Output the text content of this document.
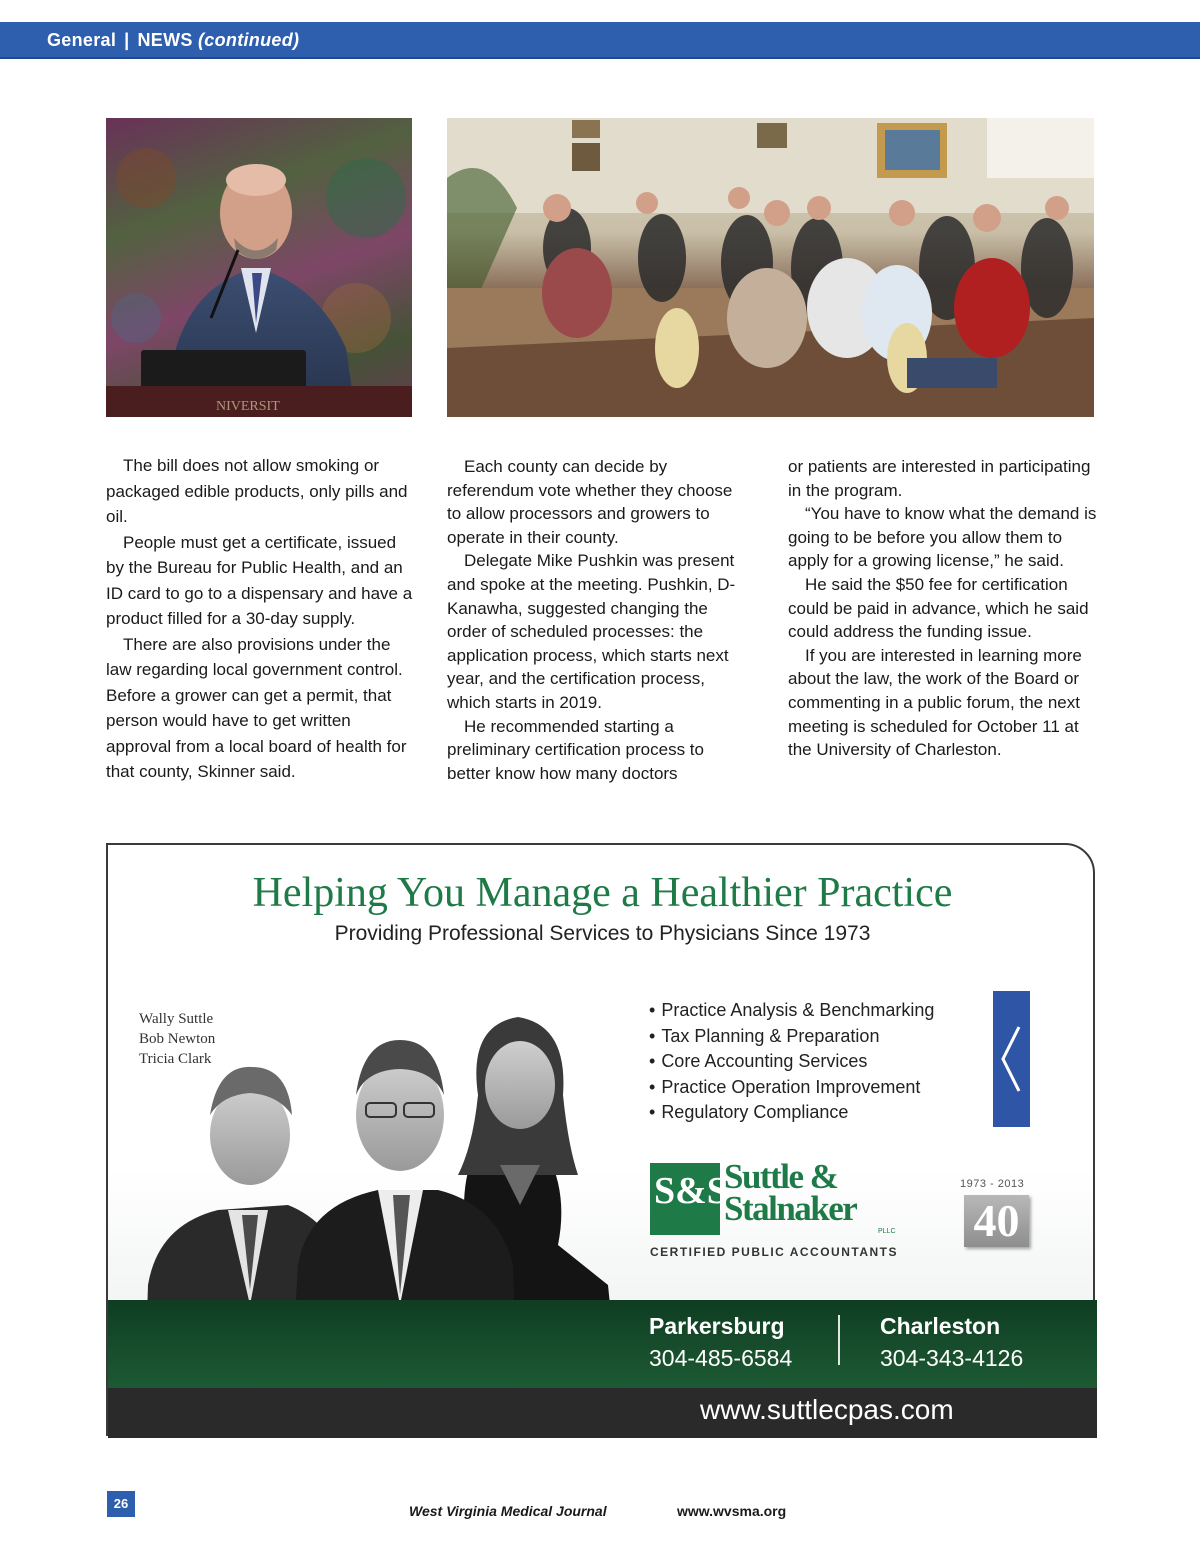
General | NEWS (continued)
NIVERSIT

The bill does not allow smoking or packaged edible products, only pills and oil.

People must get a certificate, issued by the Bureau for Public Health, and an ID card to go to a dispensary and have a product filled for a 30-day supply.

There are also provisions under the law regarding local government control. Before a grower can get a permit, that person would have to get written approval from a local board of health for that county, Skinner said.

Each county can decide by referendum vote whether they choose to allow processors and growers to operate in their county.

Delegate Mike Pushkin was present and spoke at the meeting. Pushkin, D-Kanawha, suggested changing the order of scheduled processes: the application process, which starts next year, and the certification process, which starts in 2019.

He recommended starting a preliminary certification process to better know how many doctors

or patients are interested in participating in the program.

“You have to know what the demand is going to be before you allow them to apply for a growing license,” he said.

He said the $50 fee for certification could be paid in advance, which he said could address the funding issue.

If you are interested in learning more about the law, the work of the Board or commenting in a public forum, the next meeting is scheduled for October 11 at the University of Charleston.

Helping You Manage a Healthier Practice
Providing Professional Services to Physicians Since 1973
Wally Suttle
Bob Newton
Tricia Clark
• Practice Analysis & Benchmarking
• Tax Planning & Preparation
• Core Accounting Services
• Practice Operation Improvement
• Regulatory Compliance
S&S
Suttle &
Stalnaker
PLLC
CERTIFIED PUBLIC ACCOUNTANTS
1973 - 2013
40
Parkersburg
304-485-6584
Charleston
304-343-4126
www.suttlecpas.com
26	West Virginia Medical Journal	www.wvsma.org
